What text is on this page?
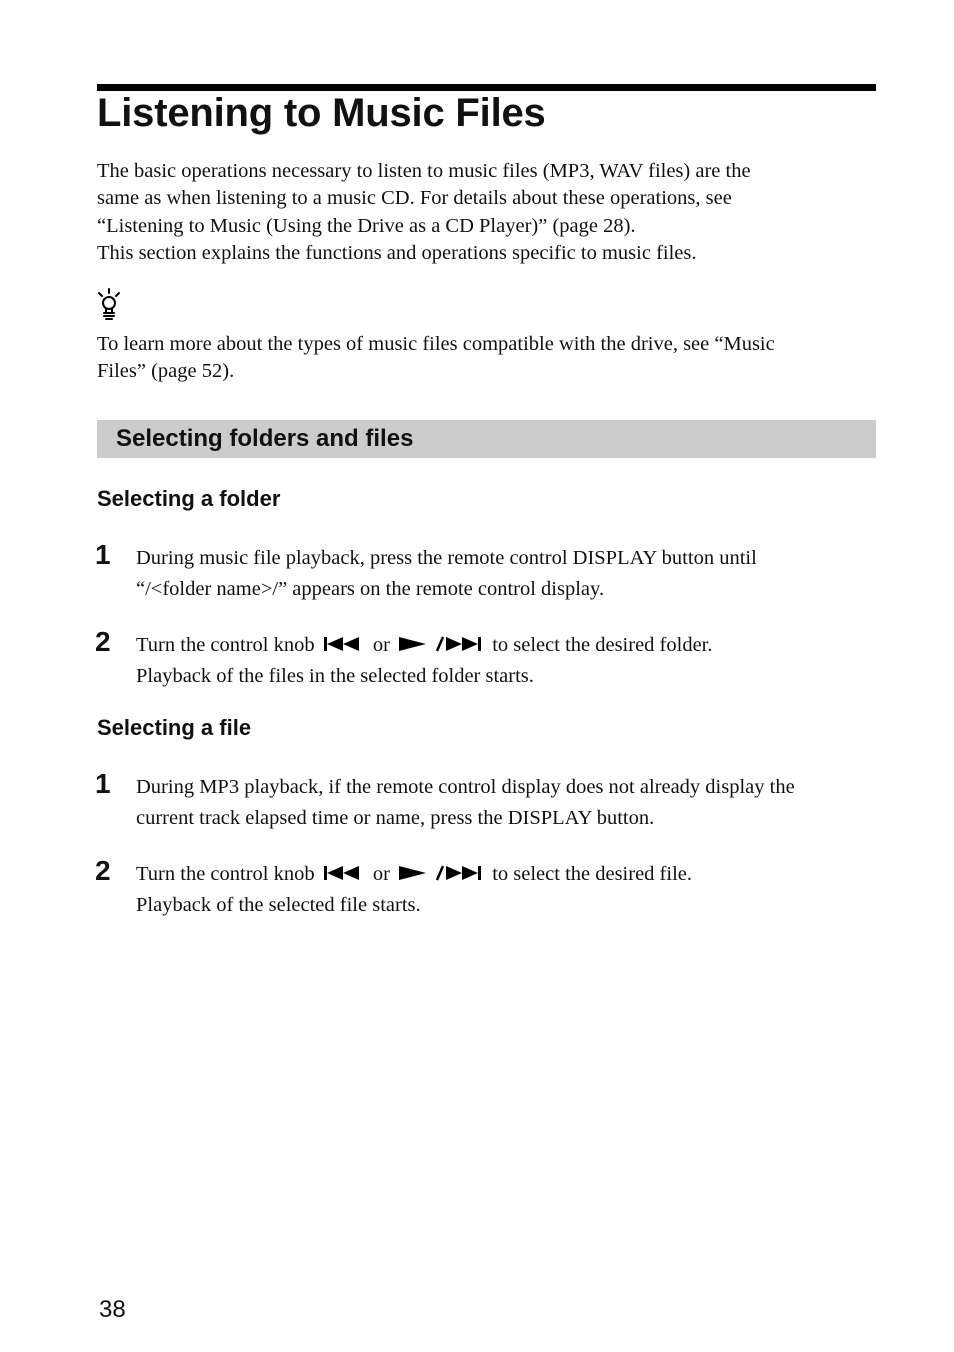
Listening to Music Files

The basic operations necessary to listen to music files (MP3, WAV files) are the
same as when listening to a music CD. For details about these operations, see
“Listening to Music (Using the Drive as a CD Player)” (page 28).
This section explains the functions and operations specific to music files.

To learn more about the types of music files compatible with the drive, see “Music
Files” (page 52).

Selecting folders and files
Selecting a folder
1 During music file playback, press the remote control DISPLAY button until
“/<folder name>/” appears on the remote control display.

2 Turn the control knob	or	to select the desired folder.
Playback of the files in the selected folder starts.

Selecting a file
1 During MP3 playback, if the remote control display does not already display the
current track elapsed time or name, press the DISPLAY button.

2 Turn the control knob	or	to select the desired file.
Playback of the selected file starts.

38
